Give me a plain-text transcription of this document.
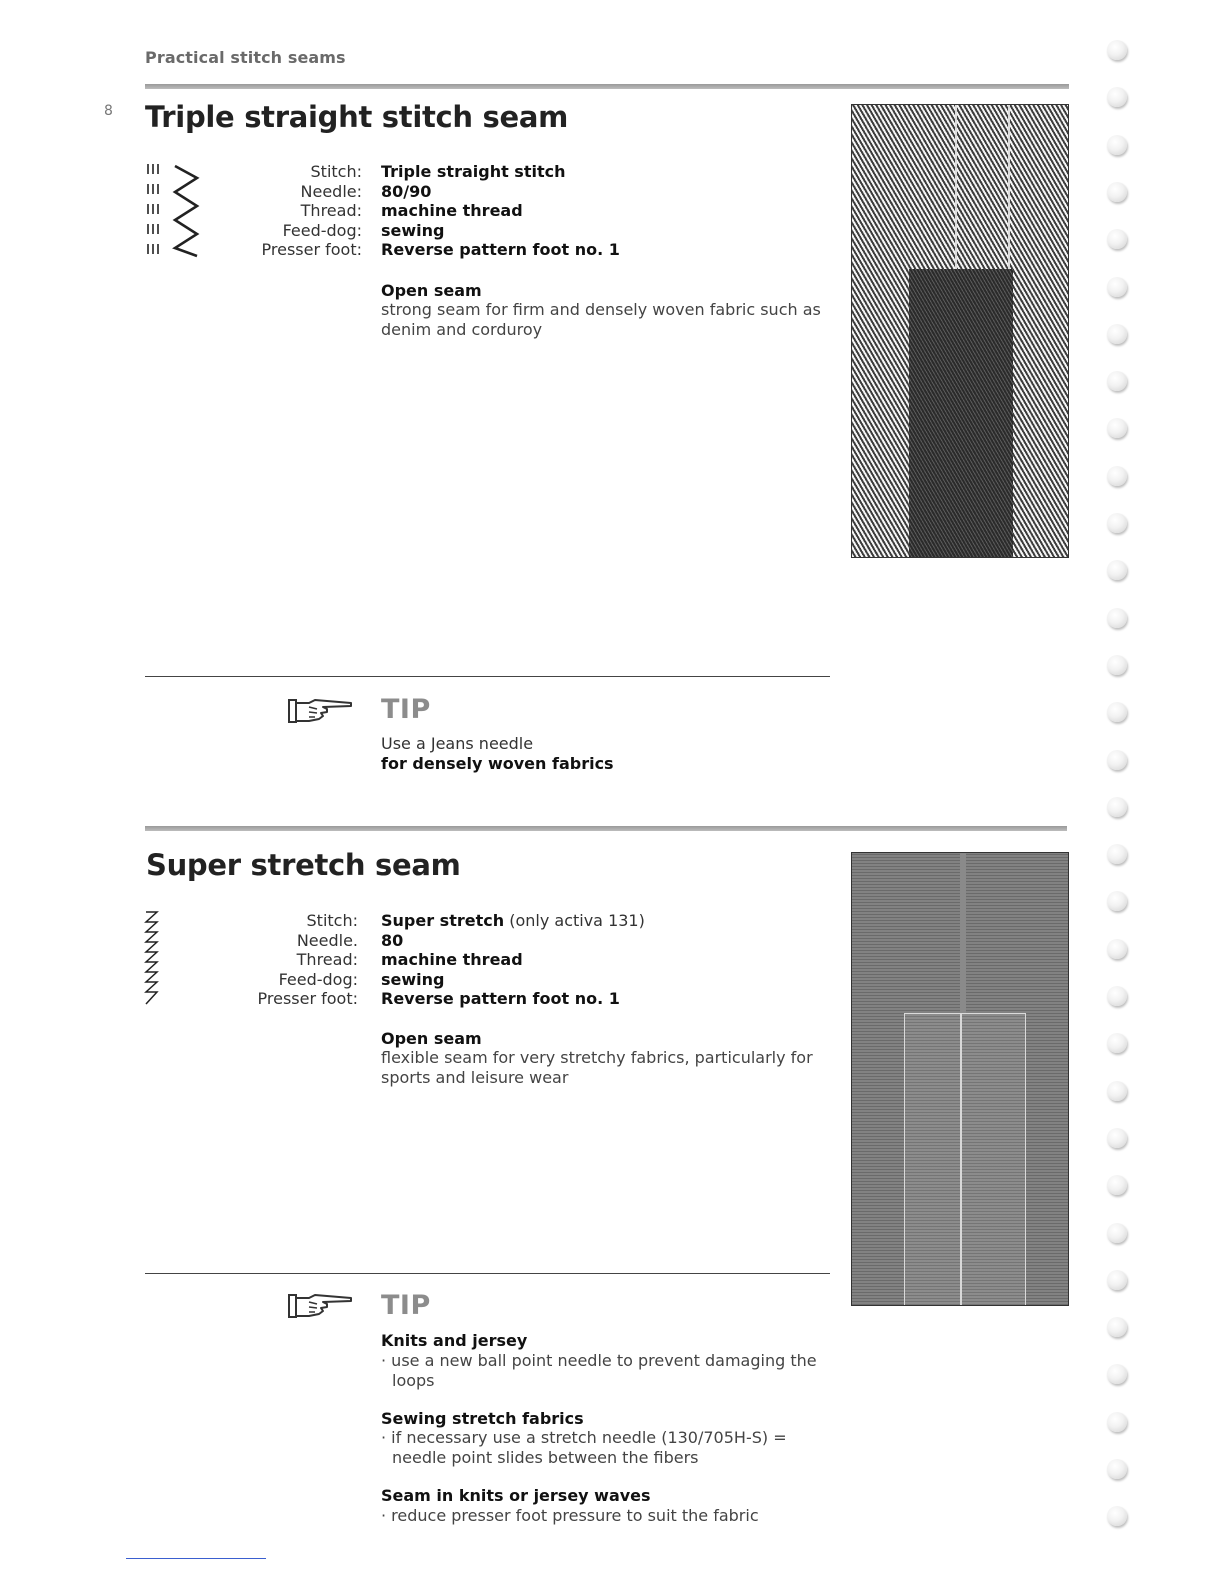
Practical stitch seams
8 Triple straight stitch seam
Stitch:
Needle:
Thread:
Feed-dog:
Presser foot:
Triple straight stitch
80/90
machine thread
sewing
Reverse pattern foot no. 1
Open seam
strong seam for firm and densely woven fabric such as denim and corduroy
TIP
Use a Jeans needle
for densely woven fabrics
Super stretch seam
Stitch:
Needle.
Thread:
Feed-dog:
Presser foot:
Super stretch (only activa 131)
80
machine thread
sewing
Reverse pattern foot no. 1
Open seam
flexible seam for very stretchy fabrics, particularly for sports and leisure wear
TIP
Knits and jersey
· use a new ball point needle to prevent damaging the loops
Sewing stretch fabrics
· if necessary use a stretch needle (130/705H-S) = needle point slides between the fibers
Seam in knits or jersey waves
· reduce presser foot pressure to suit the fabric
